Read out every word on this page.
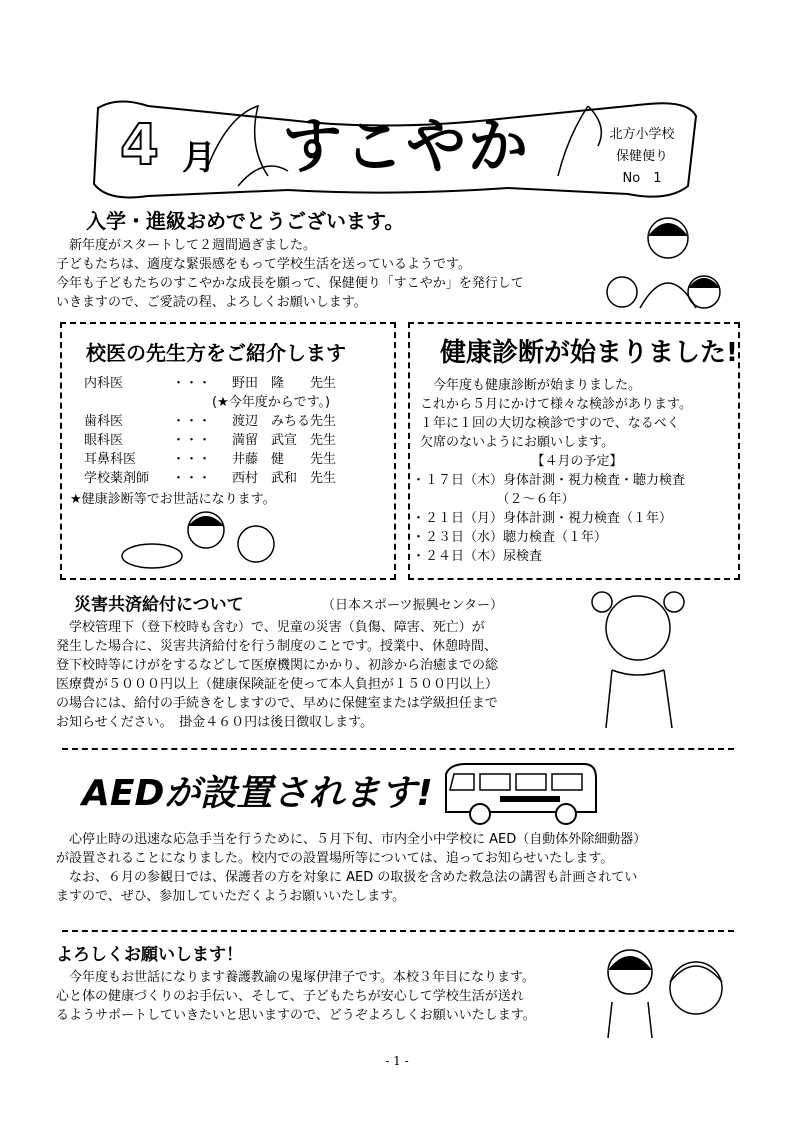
4 月 すこやか	北方小学校
保健便り
No　1
入学・進級おめでとうございます。
　新年度がスタートして２週間過ぎました。
子どもたちは、適度な緊張感をもって学校生活を送っているようです。
今年も子どもたちのすこやかな成長を願って、保健便り「すこやか」を発行して
いきますので、ご愛読の程、よろしくお願いします。
校医の先生方をご紹介します
内科医	・・・ 野田　隆　　先生
(★今年度からです。)
歯科医	・・・ 渡辺　みちる先生
眼科医	・・・ 満留　武宣　先生
耳鼻科医	・・・ 井藤　健　　先生
学校薬剤師 ・・・ 西村　武和　先生
★健康診断等でお世話になります。
健康診断が始まりました!
　今年度も健康診断が始まりました。
これから５月にかけて様々な検診があります。
１年に１回の大切な検診ですので、なるべく
欠席のないようにお願いします。
【４月の予定】
・１７日（木）身体計測・視力検査・聴力検査
　　　　　　　（２～６年）
・２１日（月）身体計測・視力検査（１年）
・２３日（水）聴力検査（１年）
・２４日（木）尿検査
災害共済給付について	（日本スポーツ振興センター）
　学校管理下（登下校時も含む）で、児童の災害（負傷、障害、死亡）が
発生した場合に、災害共済給付を行う制度のことです。授業中、休憩時間、
登下校時等にけがをするなどして医療機関にかかり、初診から治癒までの総
医療費が５０００円以上（健康保険証を使って本人負担が１５００円以上）
の場合には、給付の手続きをしますので、早めに保健室または学級担任まで
お知らせください。　掛金４６０円は後日徴収します。
AEDが設置されます!
　心停止時の迅速な応急手当を行うために、５月下旬、市内全小中学校に AED（自動体外除細動器）
が設置されることになりました。校内での設置場所等については、追ってお知らせいたします。
　なお、６月の参観日では、保護者の方を対象に AED の取扱を含めた救急法の講習も計画されてい
ますので、ぜひ、参加していただくようお願いいたします。
よろしくお願いします！
　今年度もお世話になります養護教諭の鬼塚伊津子です。本校３年目になります。
心と体の健康づくりのお手伝い、そして、子どもたちが安心して学校生活が送れ
るようサポートしていきたいと思いますので、どうぞよろしくお願いいたします。
- 1 -
